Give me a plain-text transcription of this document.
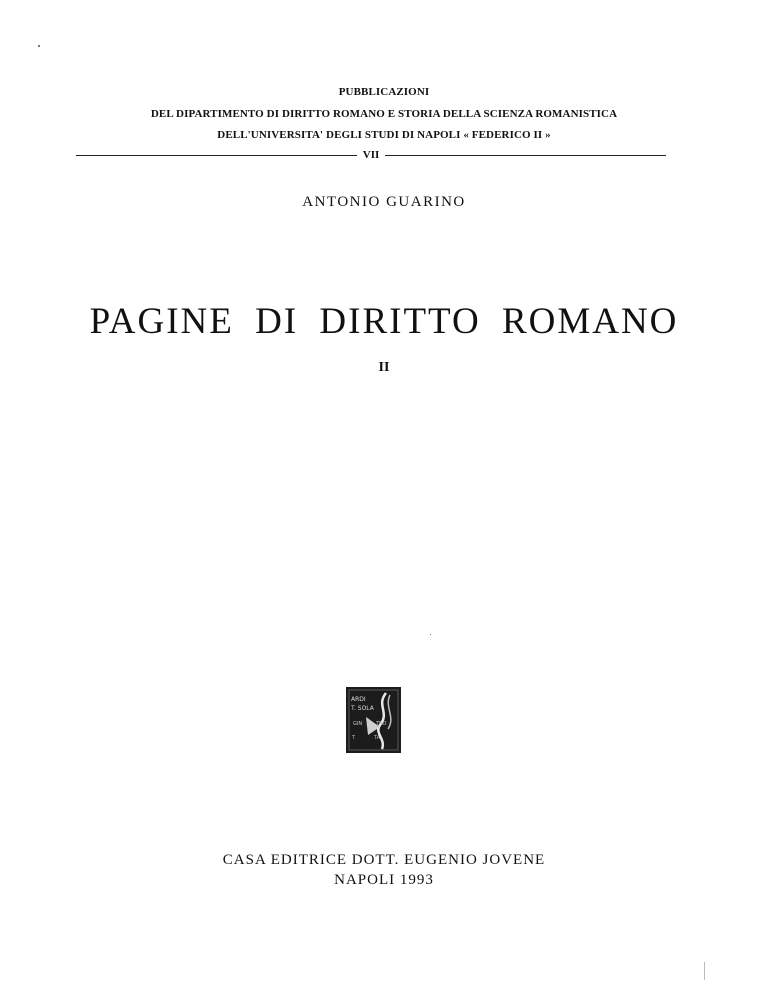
PUBBLICAZIONI
DEL DIPARTIMENTO DI DIRITTO ROMANO E STORIA DELLA SCIENZA ROMANISTICA
DELL'UNIVERSITA' DEGLI STUDI DI NAPOLI « FEDERICO II »
VII
ANTONIO GUARINO
PAGINE DI DIRITTO ROMANO
II
ARDI
T. SOLA
GIN	TRO
T	TA
CASA EDITRICE DOTT. EUGENIO JOVENE
NAPOLI 1993
